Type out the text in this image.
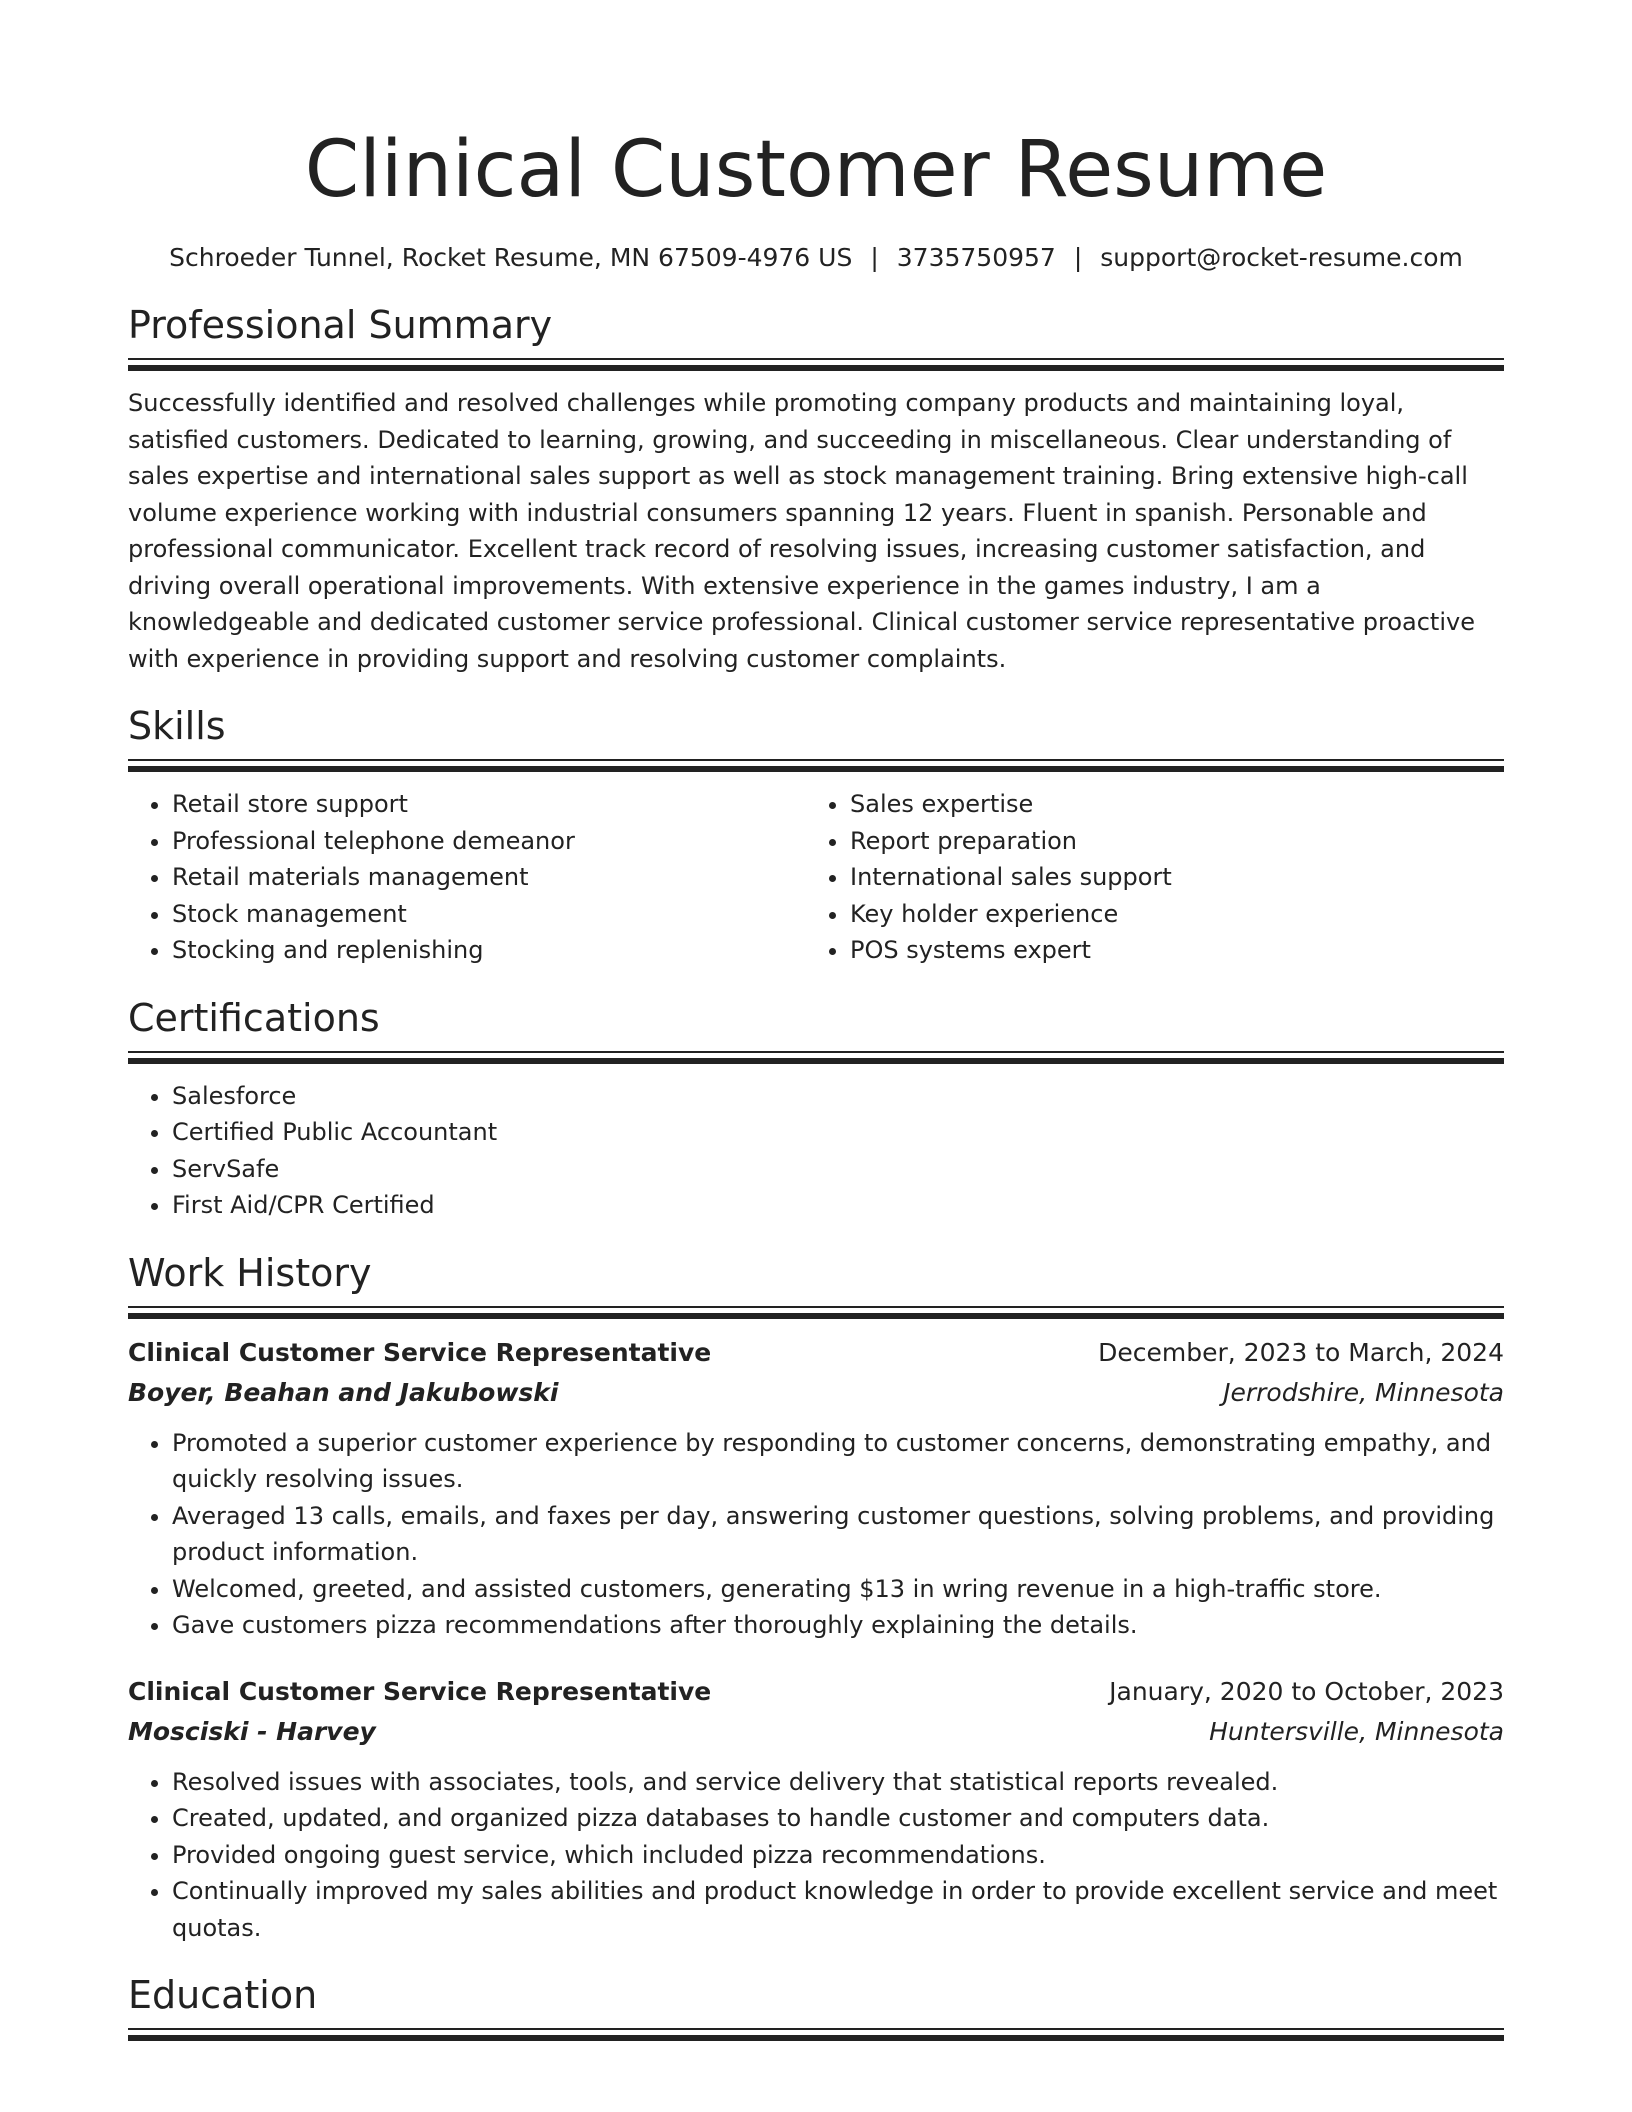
Clinical Customer Resume
Schroeder Tunnel, Rocket Resume, MN 67509-4976 US | 3735750957 | support@rocket-resume.com
Professional Summary

Successfully identified and resolved challenges while promoting company products and maintaining loyal, satisfied customers. Dedicated to learning, growing, and succeeding in miscellaneous. Clear understanding of sales expertise and international sales support as well as stock management training. Bring extensive high-call volume experience working with industrial consumers spanning 12 years. Fluent in spanish. Personable and professional communicator. Excellent track record of resolving issues, increasing customer satisfaction, and driving overall operational improvements. With extensive experience in the games industry, I am a knowledgeable and dedicated customer service professional. Clinical customer service representative proactive with experience in providing support and resolving customer complaints.

Skills
• Retail store support
• Professional telephone demeanor
• Retail materials management
• Stock management
• Stocking and replenishing
• Sales expertise
• Report preparation
• International sales support
• Key holder experience
• POS systems expert
Certifications
• Salesforce
• Certified Public Accountant
• ServSafe
• First Aid/CPR Certified
Work History
Clinical Customer Service Representative	December, 2023 to March, 2024
Boyer, Beahan and Jakubowski	Jerrodshire, Minnesota
• Promoted a superior customer experience by responding to customer concerns, demonstrating empathy, and quickly resolving issues.
• Averaged 13 calls, emails, and faxes per day, answering customer questions, solving problems, and providing product information.
• Welcomed, greeted, and assisted customers, generating $13 in wring revenue in a high-traffic store.
• Gave customers pizza recommendations after thoroughly explaining the details.
Clinical Customer Service Representative	January, 2020 to October, 2023
Mosciski - Harvey	Huntersville, Minnesota
• Resolved issues with associates, tools, and service delivery that statistical reports revealed.
• Created, updated, and organized pizza databases to handle customer and computers data.
• Provided ongoing guest service, which included pizza recommendations.
• Continually improved my sales abilities and product knowledge in order to provide excellent service and meet quotas.
Education
